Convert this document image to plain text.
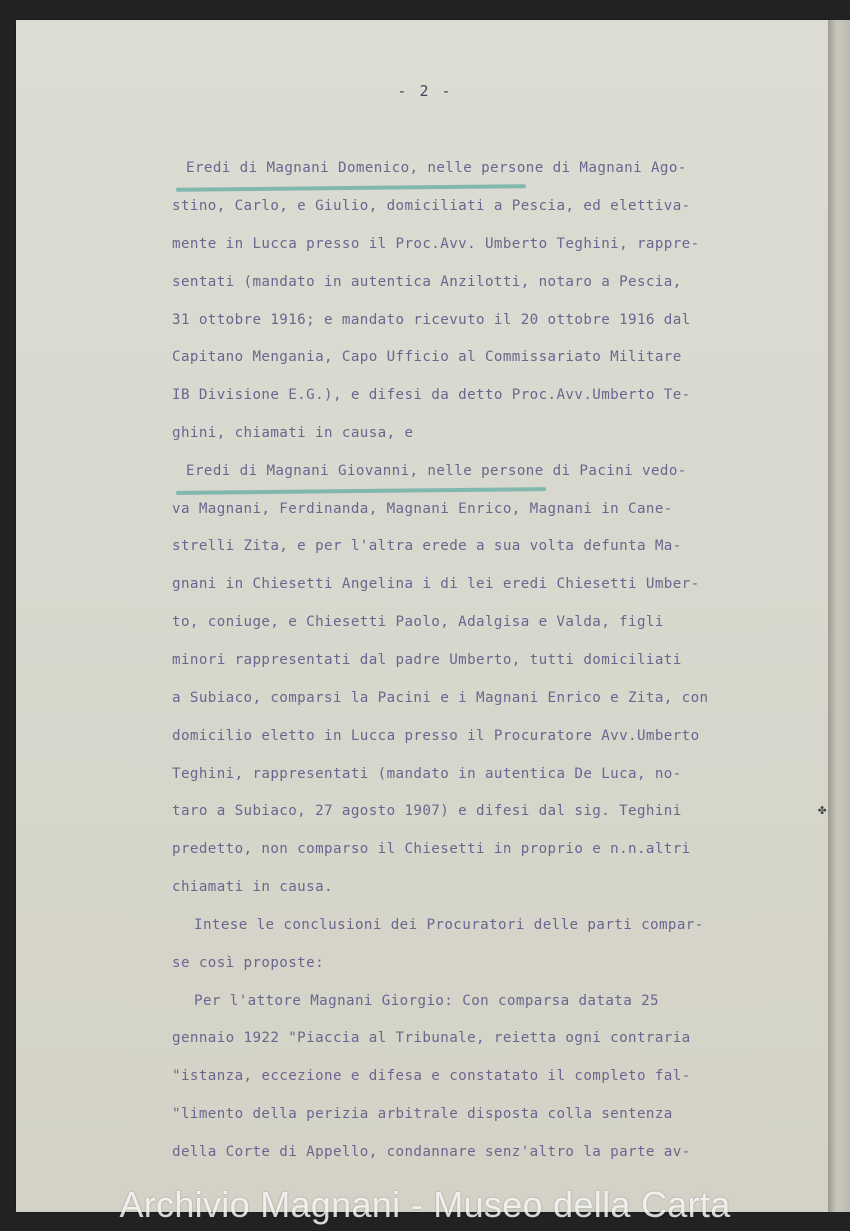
- 2 -
Eredi di Magnani Domenico, nelle persone di Magnani Ago-
stino, Carlo, e Giulio, domiciliati a Pescia, ed elettiva-
mente in Lucca presso il Proc.Avv. Umberto Teghini, rappre-
sentati (mandato in autentica Anzilotti, notaro a Pescia,
31 ottobre 1916; e mandato ricevuto il 20 ottobre 1916 dal
Capitano Mengania, Capo Ufficio al Commissariato Militare
IB Divisione E.G.), e difesi da detto Proc.Avv.Umberto Te-
ghini, chiamati in causa, e
Eredi di Magnani Giovanni, nelle persone di Pacini vedo-
va Magnani, Ferdinanda, Magnani Enrico, Magnani in Cane-
strelli Zita, e per l'altra erede a sua volta defunta Ma-
gnani in Chiesetti Angelina i di lei eredi Chiesetti Umber-
to, coniuge, e Chiesetti Paolo, Adalgisa e Valda, figli
minori rappresentati dal padre Umberto, tutti domiciliati
a Subiaco, comparsi la Pacini e i Magnani Enrico e Zita, con
domicilio eletto in Lucca presso il Procuratore Avv.Umberto
Teghini, rappresentati (mandato in autentica De Luca, no-
taro a Subiaco, 27 agosto 1907) e difesi dal sig. Teghini
predetto, non comparso il Chiesetti in proprio e n.n.altri
chiamati in causa.
Intese le conclusioni dei Procuratori delle parti compar-
se così proposte:
Per l'attore Magnani Giorgio: Con comparsa datata 25
gennaio 1922 "Piaccia al Tribunale, reietta ogni contraria
"istanza, eccezione e difesa e constatato il completo fal-
"limento della perizia arbitrale disposta colla sentenza
della Corte di Appello, condannare senz'altro la parte av-
✤
Archivio Magnani - Museo della Carta
